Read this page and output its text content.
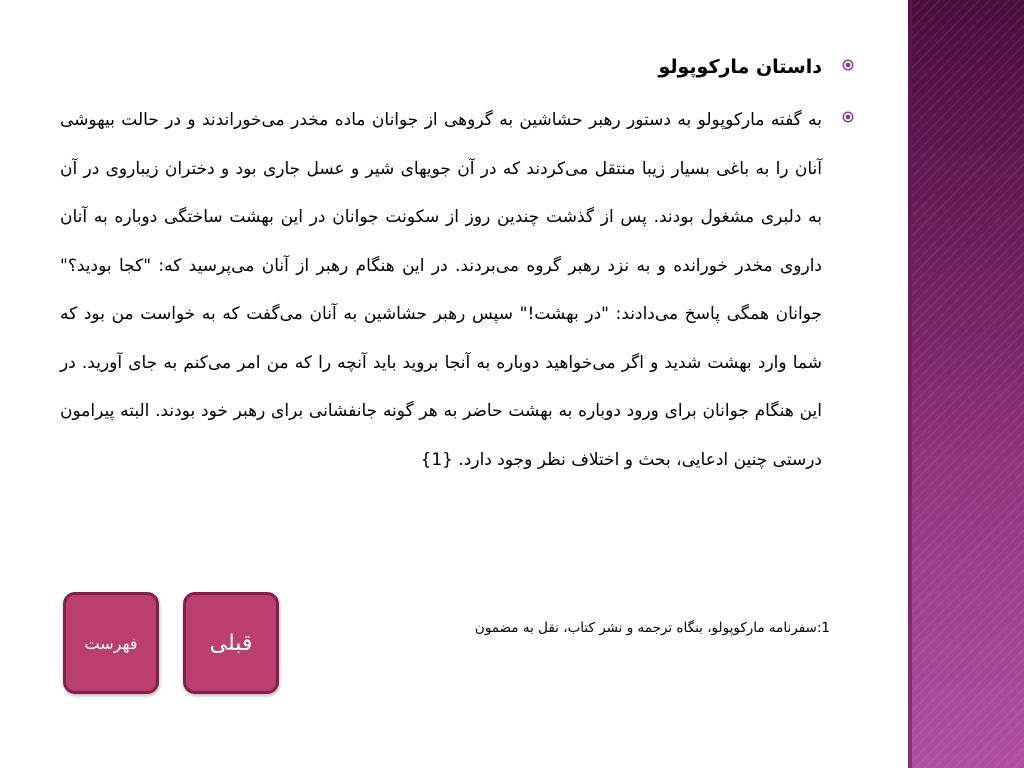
داستان مارکوپولو

به گفته مارکوپولو به دستور رهبر حشاشین به گروهی از جوانان ماده مخدر می‌خوراندند و در حالت بیهوشی آنان را به باغی بسیار زیبا منتقل می‌کردند که در آن جویهای شیر و عسل جاری بود و دختران زیباروی در آن به دلبری مشغول بودند. پس از گذشت چندین روز از سکونت جوانان در این بهشت ساختگی دوباره به آنان داروی مخدر خورانده و به نزد رهبر گروه می‌بردند. در این هنگام رهبر از آنان می‌پرسید که: "کجا بودید؟" جوانان همگی پاسخ می‌دادند: "در بهشت!" سپس رهبر حشاشین به آنان می‌گفت که به خواست من بود که شما وارد بهشت شدید و اگر می‌خواهید دوباره به آنجا بروید باید آنچه را که من امر می‌کنم به جای آورید. در این هنگام جوانان برای ورود دوباره به بهشت حاضر به هر گونه جانفشانی برای رهبر خود بودند. البته پیرامون درستی چنین ادعایی، بحث و اختلاف نظر وجود دارد. {1}

1:سفرنامه مارکوپولو، بنگاه ترجمه و نشر کتاب، نقل به مضمون
فهرست	قبلی
